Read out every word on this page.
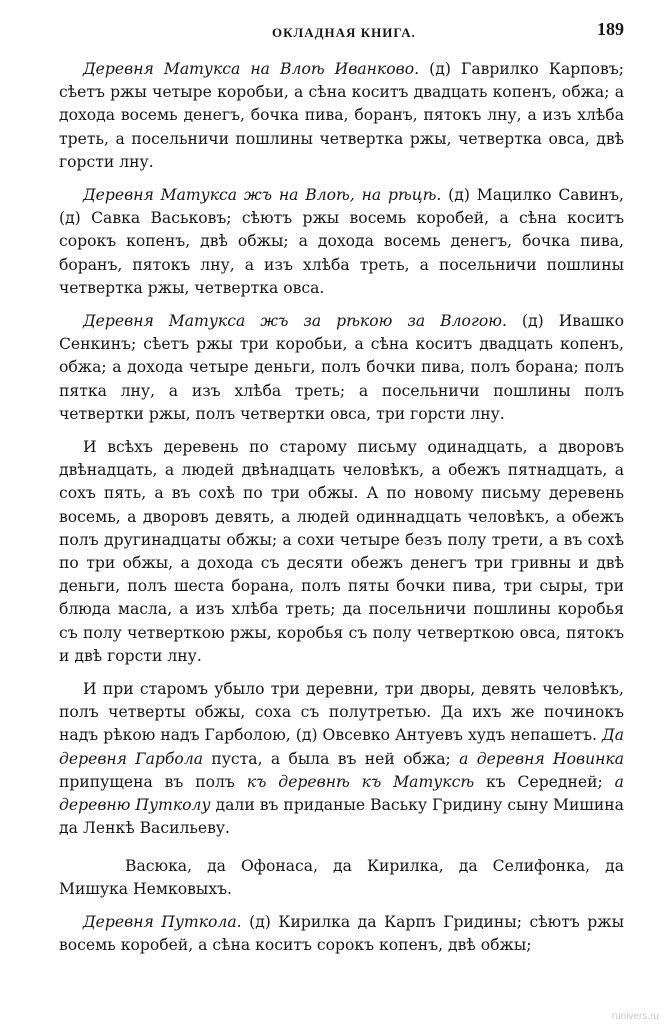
ОКЛАДНАЯ КНИГА.	189

Деревня Матукса на Влоѣ Иванково. (д) Гаврилко Карповъ; сѣетъ ржы четыре коробьи, а сѣна коситъ двадцать копенъ, обжа; а дохода восемь денегъ, бочка пива, боранъ, пятокъ лну, а изъ хлѣба треть, а посельничи пошлины четвертка ржы, четвертка овса, двѣ горсти лну.

Деревня Матукса жъ на Влоѣ, на рѣцѣ. (д) Мацилко Савинъ, (д) Савка Васьковъ; сѣютъ ржы восемь коробей, а сѣна коситъ сорокъ копенъ, двѣ обжы; а дохода восемь денегъ, бочка пива, боранъ, пятокъ лну, а изъ хлѣба треть, а посельничи пошлины четвертка ржы, четвертка овса.

Деревня Матукса жъ за рѣкою за Влогою. (д) Ивашко Сенкинъ; сѣетъ ржы три коробьи, а сѣна коситъ двадцать копенъ, обжа; а дохода четыре деньги, полъ бочки пива, полъ борана; полъ пятка лну, а изъ хлѣба треть; а посельничи пошлины полъ четвертки ржы, полъ четвертки овса, три горсти лну.

И всѣхъ деревень по старому письму одинадцать, а дворовъ двѣнадцать, а людей двѣнадцать человѣкъ, а обежъ пятнадцать, а сохъ пять, а въ сохѣ по три обжы. А по новому письму деревень восемь, а дворовъ девять, а людей одиннадцать человѣкъ, а обежъ полъ другинадцаты обжы; а сохи четыре безъ полу трети, а въ сохѣ по три обжы, а дохода съ десяти обежъ денегъ три гривны и двѣ деньги, полъ шеста борана, полъ пяты бочки пива, три сыры, три блюда масла, а изъ хлѣба треть; да посельничи пошлины коробья съ полу четверткою ржы, коробья съ полу четверткою овса, пятокъ и двѣ горсти лну.

И при старомъ убыло три деревни, три дворы, девять человѣкъ, полъ четверты обжы, соха съ полутретью. Да ихъ же починокъ надъ рѣкою надъ Гарболою, (д) Овсевко Антуевъ худъ непашетъ. Да деревня Гарбола пуста, а была въ ней обжа; а деревня Новинка припущена въ полъ къ деревнѣ къ Матуксѣ къ Середней; а деревню Путколу дали въ приданые Ваську Гридину сыну Мишина да Ленкѣ Васильеву.

Васюка, да Офонаса, да Кирилка, да Селифонка, да Мишука Немковыхъ.

Деревня Путкола. (д) Кирилка да Карпъ Гридины; сѣютъ ржы восемь коробей, а сѣна коситъ сорокъ копенъ, двѣ обжы;

runivers.ru
